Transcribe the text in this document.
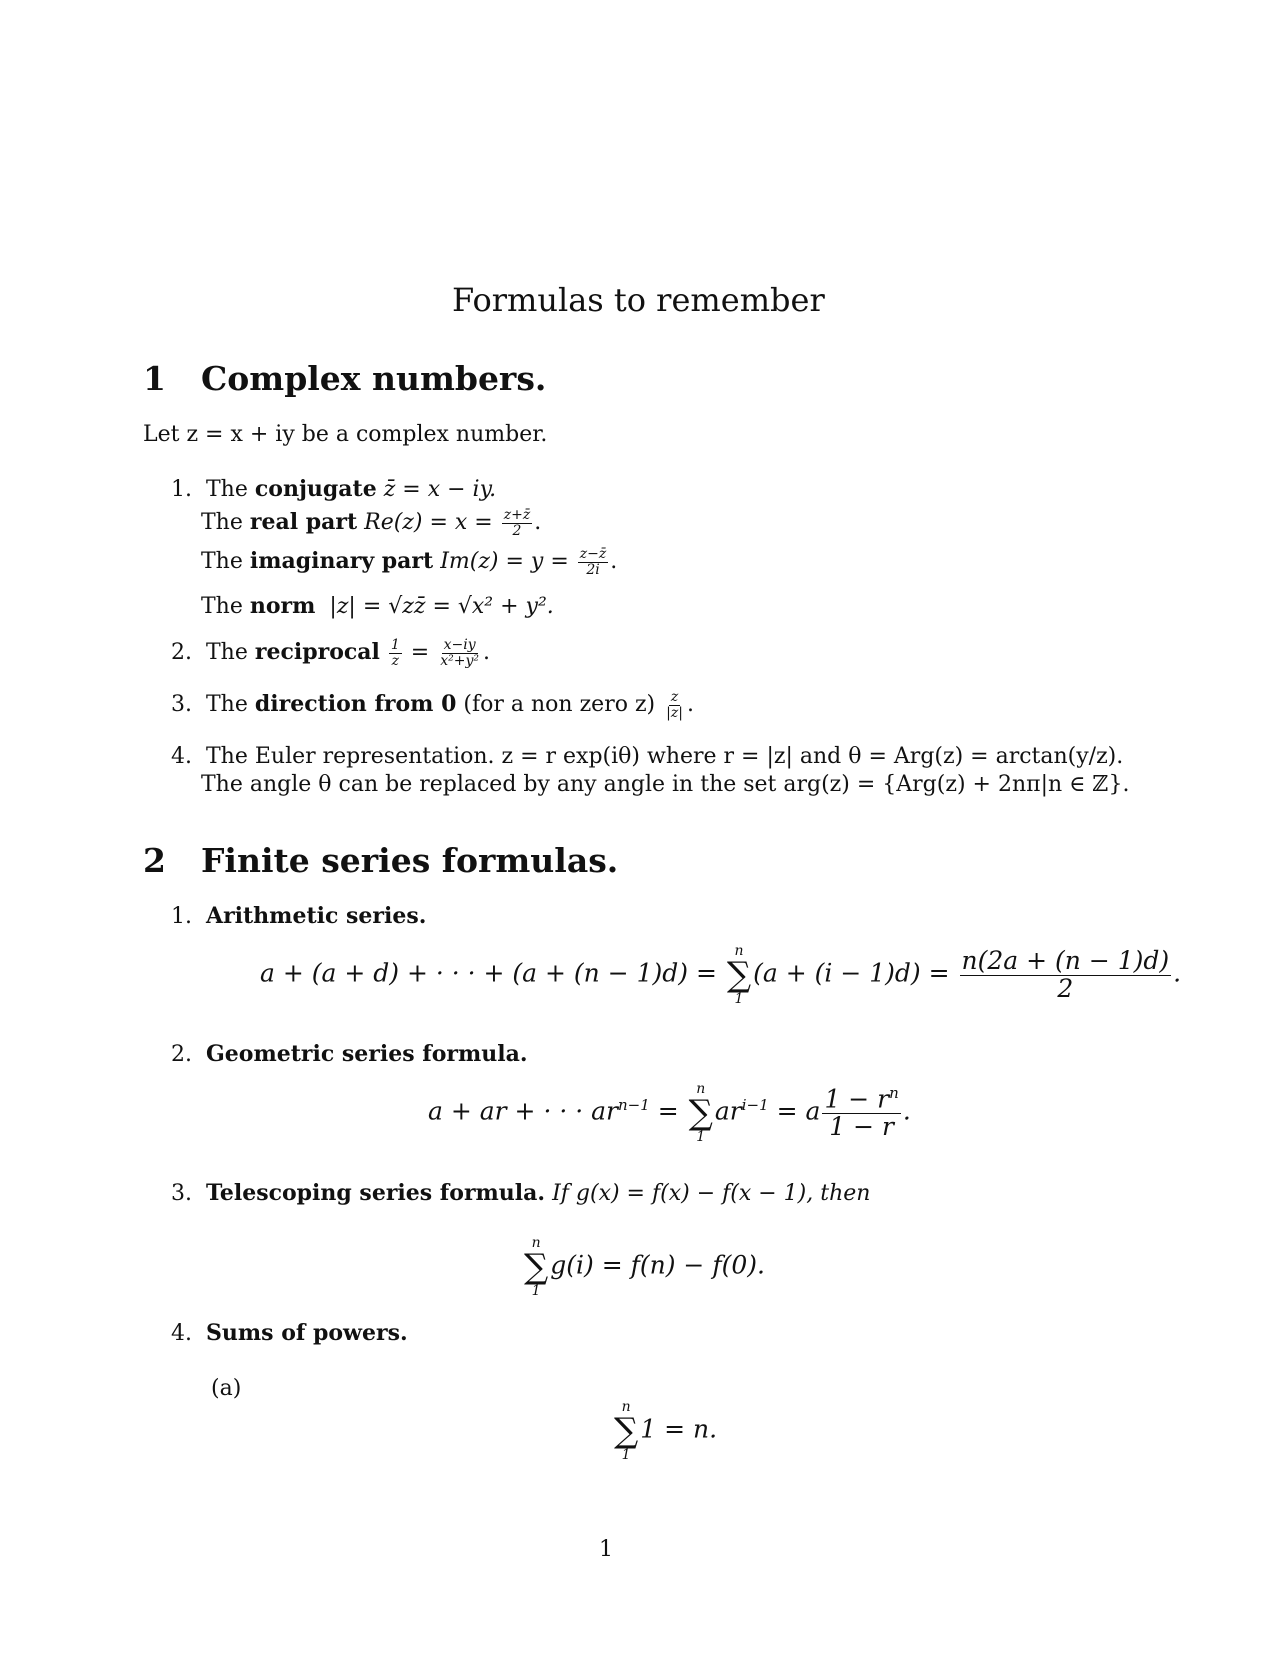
Formulas to remember
1 Complex numbers.
Let z = x + iy be a complex number.
1. The conjugate z̄ = x − iy.
The real part $Re(z) = x = \frac{z+z̄}{2}$ .
The imaginary part $Im(z) = y = \frac{z-z̄}{2i}$ .
The norm |z| = √zz̄ = √x² + y².
2. The reciprocal $\frac{1}{z} = \frac{x-iy}{\text{x²+y²}}$ .
3. The direction from 0 (for a non zero $z) \frac{z}{|z|}$ .
4. The Euler representation. z = r exp(iθ) where r = |z| and θ = Arg(z) = arctan(y/z).
The angle θ can be replaced by any angle in the set arg(z) = {Arg(z) + 2nπ|n ∈ ℤ}.
2 Finite series formulas.
1. Arithmetic series.
a + (a + d) + · · · + (a + (n − 1)d) =
n
∑
1
$(a + (i - 1)d) = \frac{n(2a + (n - 1)d)}{2}$ .
2. Geometric series formula.
a + ar + · · · $ar^{n-1}$ =
n
∑
1
$ar^{i-1} = a \frac{1 - r^n}{1 - r}$ .
3. Telescoping series formula. If g(x) = f(x) − f(x − 1), then
n
∑
1
g(i) = f(n) − f(0).
4. Sums of powers.
(a)
n
∑
1
1 = n.
1
